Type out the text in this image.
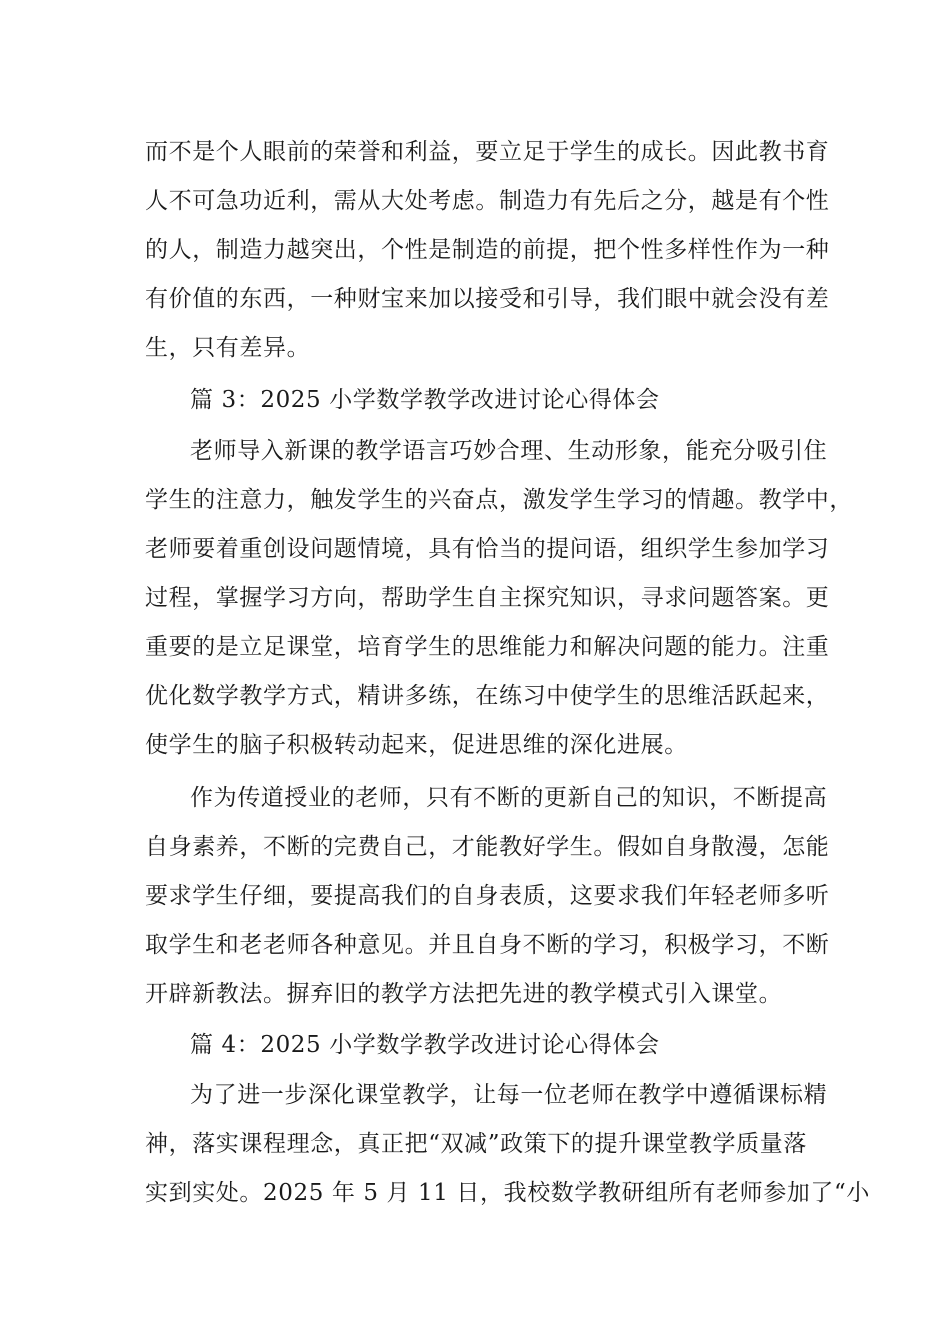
而不是个人眼前的荣誉和利益，要立足于学生的成长。因此教书育
人不可急功近利，需从大处考虑。制造力有先后之分，越是有个性
的人，制造力越突出，个性是制造的前提，把个性多样性作为一种
有价值的东西，一种财宝来加以接受和引导，我们眼中就会没有差
生，只有差异。
篇 3：2025 小学数学教学改进讨论心得体会
老师导入新课的教学语言巧妙合理、生动形象，能充分吸引住
学生的注意力，触发学生的兴奋点，激发学生学习的情趣。教学中，
老师要着重创设问题情境，具有恰当的提问语，组织学生参加学习
过程，掌握学习方向，帮助学生自主探究知识，寻求问题答案。更
重要的是立足课堂，培育学生的思维能力和解决问题的能力。注重
优化数学教学方式，精讲多练，在练习中使学生的思维活跃起来，
使学生的脑子积极转动起来，促进思维的深化进展。
作为传道授业的老师，只有不断的更新自己的知识，不断提高
自身素养，不断的完费自己，才能教好学生。假如自身散漫，怎能
要求学生仔细，要提高我们的自身表质，这要求我们年轻老师多听
取学生和老老师各种意见。并且自身不断的学习，积极学习，不断
开辟新教法。摒弃旧的教学方法把先进的教学模式引入课堂。
篇 4：2025 小学数学教学改进讨论心得体会
为了进一步深化课堂教学，让每一位老师在教学中遵循课标精
神，落实课程理念，真正把“双减”政策下的提升课堂教学质量落
实到实处。2025 年 5 月 11 日，我校数学教研组所有老师参加了“小
